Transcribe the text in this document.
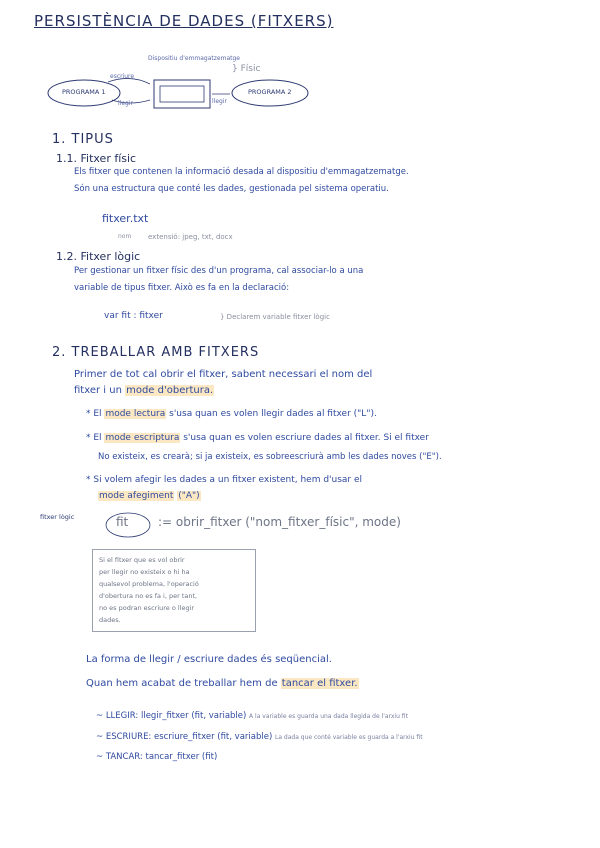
PERSISTÈNCIA DE DADES (FITXERS)
Dispositiu d'emmagatzematge
} Físic
escriure
llegir	llegir
PROGRAMA 1	PROGRAMA 2
1. TIPUS
1.1. Fitxer físic
Els fitxer que contenen la informació desada al dispositiu d'emmagatzematge.
Són una estructura que conté les dades, gestionada pel sistema operatiu.
fitxer.txt
nom extensió: jpeg, txt, docx
1.2. Fitxer lògic
Per gestionar un fitxer físic des d'un programa, cal associar-lo a una
variable de tipus fitxer. Això es fa en la declaració:
var fit : fitxer	} Declarem variable fitxer lògic
2. TREBALLAR AMB FITXERS
Primer de tot cal obrir el fitxer, sabent necessari el nom del
fitxer i un mode d'obertura.
* El mode lectura s'usa quan es volen llegir dades al fitxer ("L").
* El mode escriptura s'usa quan es volen escriure dades al fitxer. Si el fitxer
No existeix, es crearà; si ja existeix, es sobreescriurà amb les dades noves ("E").
* Si volem afegir les dades a un fitxer existent, hem d'usar el
mode afegiment ("A")
fitxer lògic	fit := obrir_fitxer ("nom_fitxer_físic", mode)
Si el fitxer que es vol obrir
per llegir no existeix o hi ha
qualsevol problema, l'operació
d'obertura no es fa i, per tant,
no es podran escriure o llegir
dades.
La forma de llegir / escriure dades és seqüencial.
Quan hem acabat de treballar hem de tancar el fitxer.
~ LLEGIR: llegir_fitxer (fit, variable) A la variable es guarda una dada llegida de l'arxiu fit
~ ESCRIURE: escriure_fitxer (fit, variable) La dada que conté variable es guarda a l'arxiu fit
~ TANCAR: tancar_fitxer (fit)
